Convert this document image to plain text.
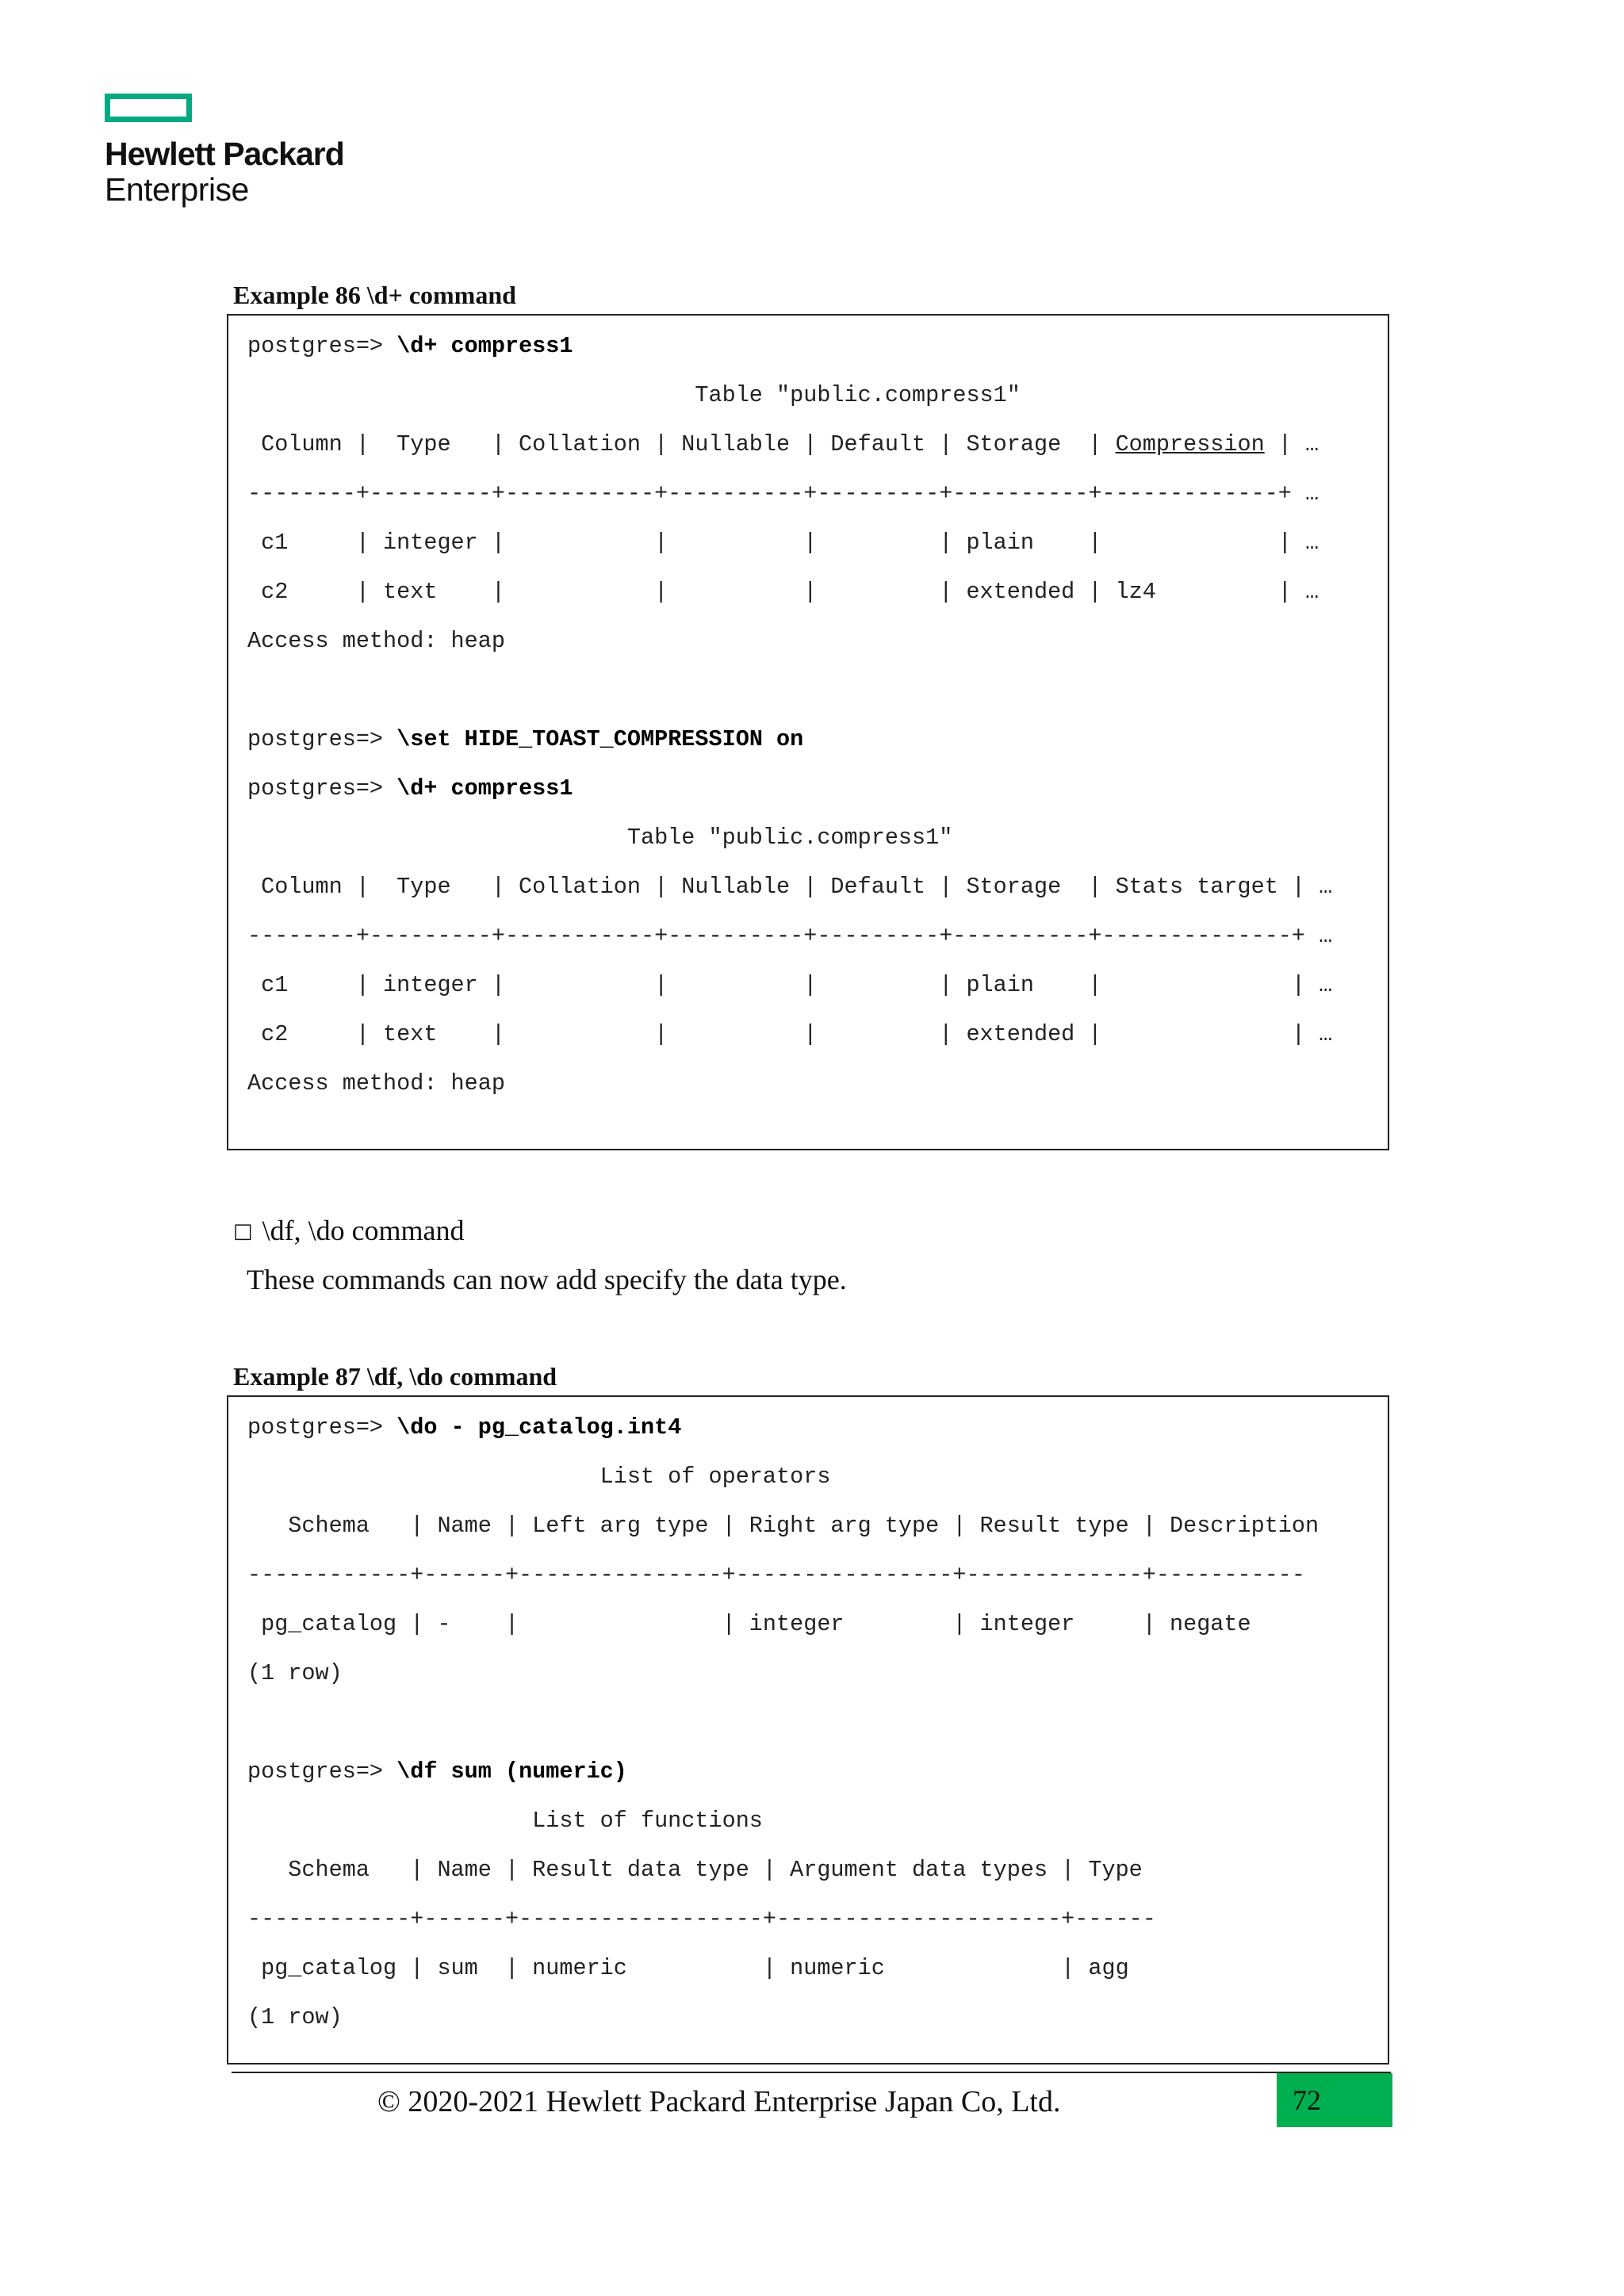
Hewlett Packard
Enterprise
Example 86 \d+ command
postgres=> \d+ compress1
Table "public.compress1"
Column |  Type   | Collation | Nullable | Default | Storage  | Compression | …
--------+---------+-----------+----------+---------+----------+-------------+ …
c1     | integer |           |          |         | plain    |             | …
c2     | text    |           |          |         | extended | lz4         | …
Access method: heap
postgres=> \set HIDE_TOAST_COMPRESSION on
postgres=> \d+ compress1
Table "public.compress1"
Column |  Type   | Collation | Nullable | Default | Storage  | Stats target | …
--------+---------+-----------+----------+---------+----------+--------------+ …
c1     | integer |           |          |         | plain    |              | …
c2     | text    |           |          |         | extended |              | …
Access method: heap
□ \df, \do command
These commands can now add specify the data type.
Example 87 \df, \do command
postgres=> \do - pg_catalog.int4
List of operators
Schema   | Name | Left arg type | Right arg type | Result type | Description
------------+------+---------------+----------------+-------------+-----------
pg_catalog | -    |               | integer        | integer     | negate
(1 row)
postgres=> \df sum (numeric)
List of functions
Schema   | Name | Result data type | Argument data types | Type
------------+------+------------------+---------------------+------
pg_catalog | sum  | numeric          | numeric             | agg
(1 row)
© 2020-2021 Hewlett Packard Enterprise Japan Co, Ltd.	72
